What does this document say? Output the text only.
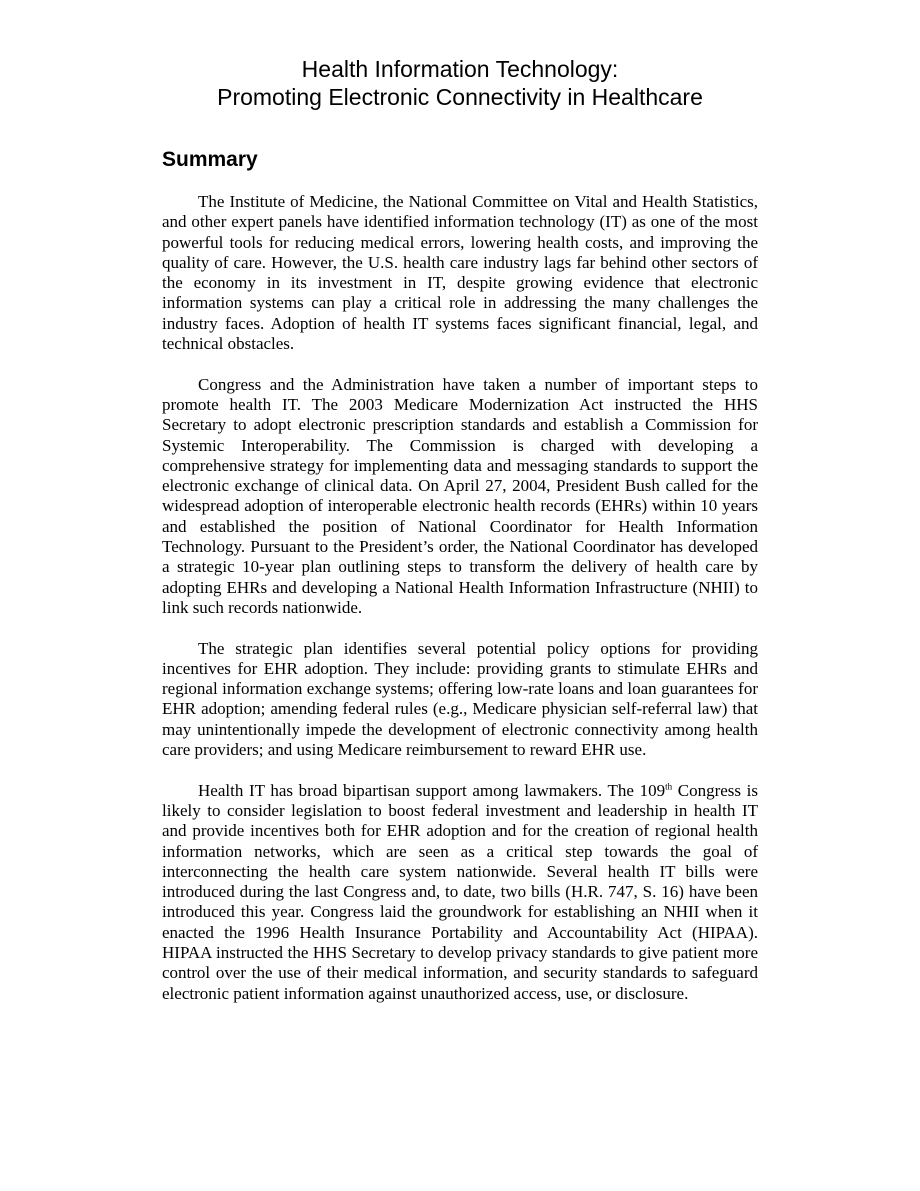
Health Information Technology:
Promoting Electronic Connectivity in Healthcare
Summary

The Institute of Medicine, the National Committee on Vital and Health Statistics, and other expert panels have identified information technology (IT) as one of the most powerful tools for reducing medical errors, lowering health costs, and improving the quality of care. However, the U.S. health care industry lags far behind other sectors of the economy in its investment in IT, despite growing evidence that electronic information systems can play a critical role in addressing the many challenges the industry faces. Adoption of health IT systems faces significant financial, legal, and technical obstacles.

Congress and the Administration have taken a number of important steps to promote health IT. The 2003 Medicare Modernization Act instructed the HHS Secretary to adopt electronic prescription standards and establish a Commission for Systemic Interoperability. The Commission is charged with developing a comprehensive strategy for implementing data and messaging standards to support the electronic exchange of clinical data. On April 27, 2004, President Bush called for the widespread adoption of interoperable electronic health records (EHRs) within 10 years and established the position of National Coordinator for Health Information Technology. Pursuant to the President’s order, the National Coordinator has developed a strategic 10-year plan outlining steps to transform the delivery of health care by adopting EHRs and developing a National Health Information Infrastructure (NHII) to link such records nationwide.

The strategic plan identifies several potential policy options for providing incentives for EHR adoption. They include: providing grants to stimulate EHRs and regional information exchange systems; offering low-rate loans and loan guarantees for EHR adoption; amending federal rules (e.g., Medicare physician self-referral law) that may unintentionally impede the development of electronic connectivity among health care providers; and using Medicare reimbursement to reward EHR use.

Health IT has broad bipartisan support among lawmakers. The 109th Congress is likely to consider legislation to boost federal investment and leadership in health IT and provide incentives both for EHR adoption and for the creation of regional health information networks, which are seen as a critical step towards the goal of interconnecting the health care system nationwide. Several health IT bills were introduced during the last Congress and, to date, two bills (H.R. 747, S. 16) have been introduced this year. Congress laid the groundwork for establishing an NHII when it enacted the 1996 Health Insurance Portability and Accountability Act (HIPAA). HIPAA instructed the HHS Secretary to develop privacy standards to give patient more control over the use of their medical information, and security standards to safeguard electronic patient information against unauthorized access, use, or disclosure.
